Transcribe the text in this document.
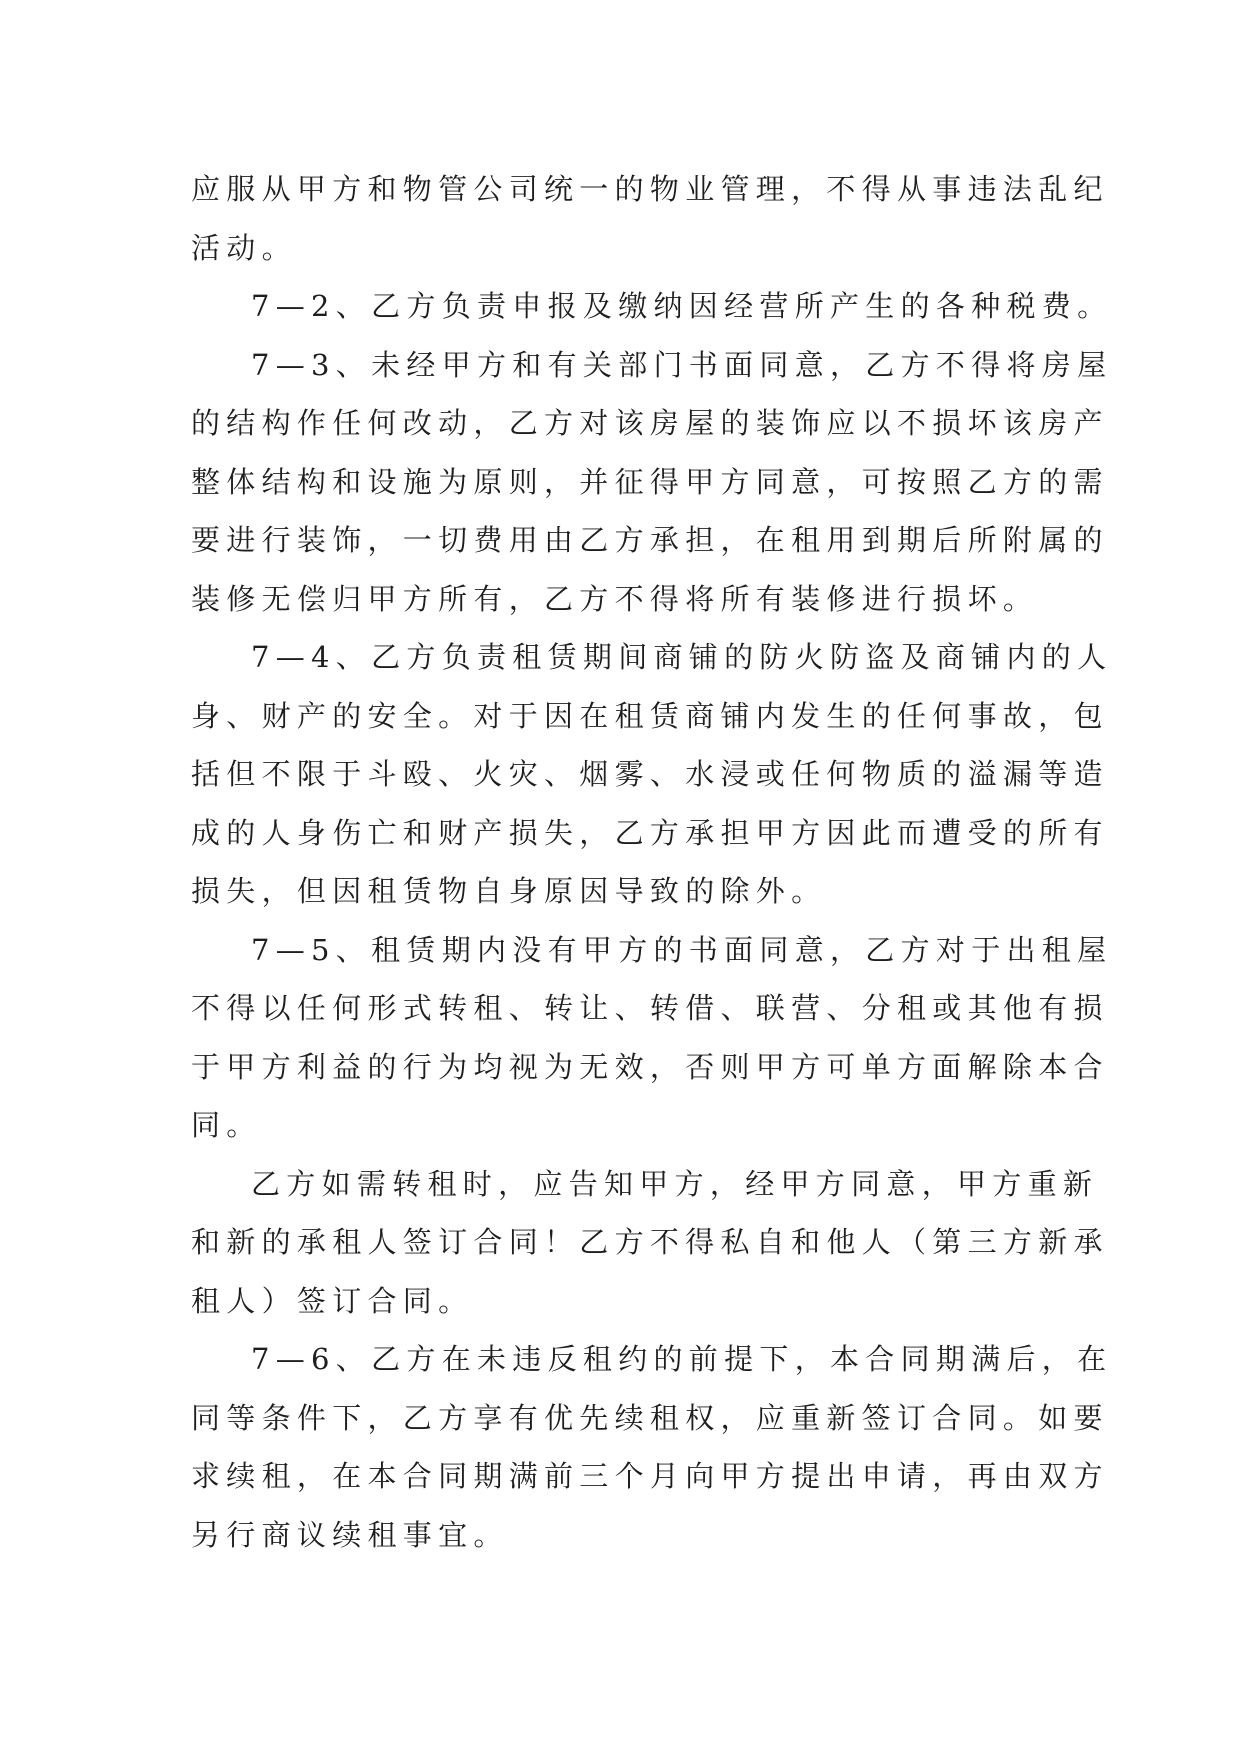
应服从甲方和物管公司统一的物业管理，不得从事违法乱纪
活动。
7—2、乙方负责申报及缴纳因经营所产生的各种税费。
7—3、未经甲方和有关部门书面同意，乙方不得将房屋
的结构作任何改动，乙方对该房屋的装饰应以不损坏该房产
整体结构和设施为原则，并征得甲方同意，可按照乙方的需
要进行装饰，一切费用由乙方承担，在租用到期后所附属的
装修无偿归甲方所有，乙方不得将所有装修进行损坏。
7—4、乙方负责租赁期间商铺的防火防盗及商铺内的人
身、财产的安全。对于因在租赁商铺内发生的任何事故，包
括但不限于斗殴、火灾、烟雾、水浸或任何物质的溢漏等造
成的人身伤亡和财产损失，乙方承担甲方因此而遭受的所有
损失，但因租赁物自身原因导致的除外。
7—5、租赁期内没有甲方的书面同意，乙方对于出租屋
不得以任何形式转租、转让、转借、联营、分租或其他有损
于甲方利益的行为均视为无效，否则甲方可单方面解除本合
同。
乙方如需转租时，应告知甲方，经甲方同意，甲方重新
和新的承租人签订合同！乙方不得私自和他人（第三方新承
租人）签订合同。
7—6、乙方在未违反租约的前提下，本合同期满后，在
同等条件下，乙方享有优先续租权，应重新签订合同。如要
求续租，在本合同期满前三个月向甲方提出申请，再由双方
另行商议续租事宜。
